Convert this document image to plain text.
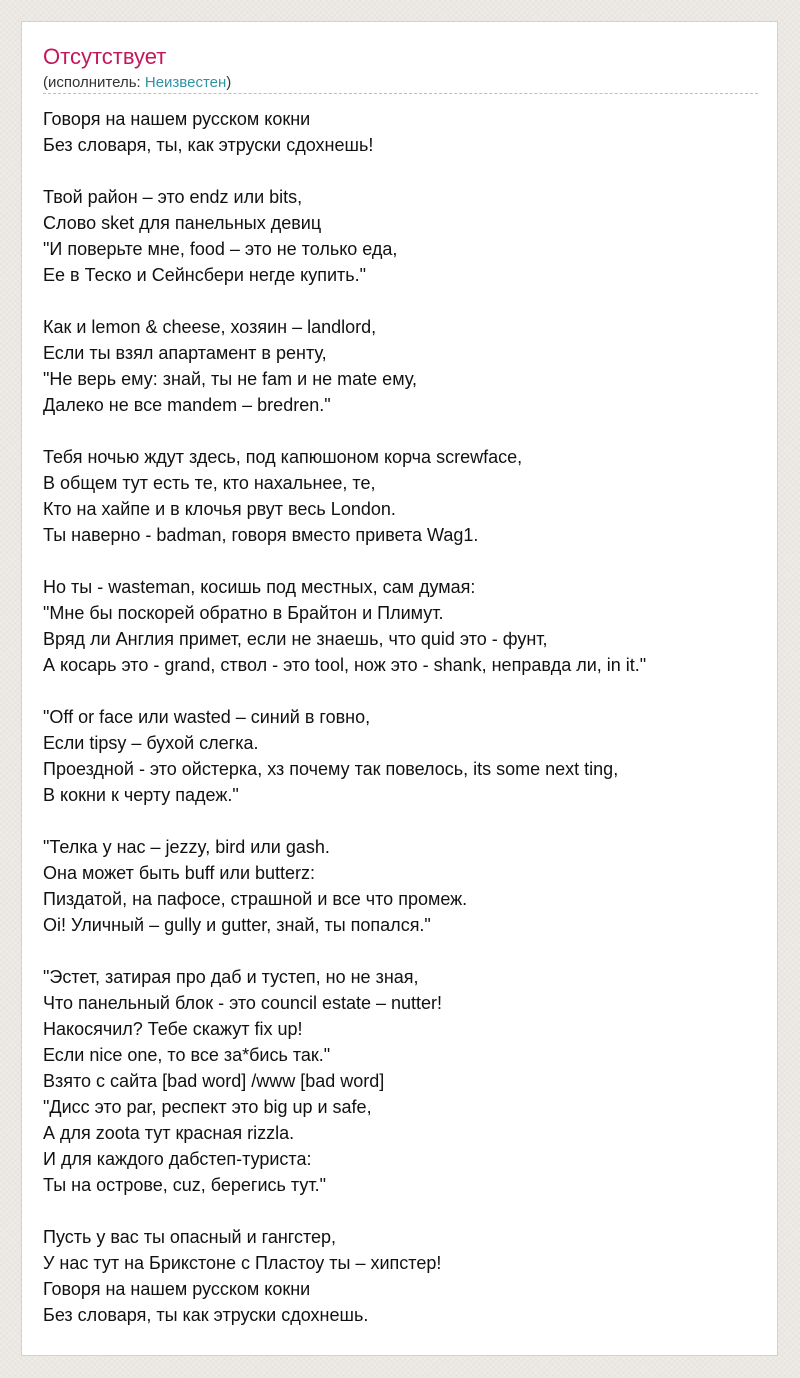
Отсутствует
(исполнитель: Неизвестен)
Говоря на нашем русском кокни
Без словаря, ты, как этруски сдохнешь!
Твой район – это endz или bits,
Слово sket для панельных девиц
"И поверьте мне, food – это не только еда,
Ее в Теско и Сейнсбери негде купить."
Как и lemon & cheese, хозяин – landlord,
Если ты взял апартамент в ренту,
"Не верь ему: знай, ты не fam и не mate ему,
Далеко не все mandem – bredren."
Тебя ночью ждут здесь, под капюшоном корча screwface,
В общем тут есть те, кто нахальнее, те,
Кто на хайпе и в клочья рвут весь London.
Ты наверно - badman, говоря вместо привета Wag1.
Но ты - wasteman, косишь под местных, сам думая:
"Мне бы поскорей обратно в Брайтон и Плимут.
Вряд ли Англия примет, если не знаешь, что quid это - фунт,
А косарь это - grand, ствол - это tool, нож это - shank, неправда ли, in it."
"Off or face или wasted – синий в говно,
Если tipsy – бухой слегка.
Проездной - это ойстерка, хз почему так повелось, its some next ting,
В кокни к черту падеж."
"Телка у нас – jezzy, bird или gash.
Она может быть buff или butterz:
Пиздатой, на пафосе, страшной и все что промеж.
Oi! Уличный – gully и gutter, знай, ты попался."
"Эстет, затирая про даб и тустеп, но не зная,
Что панельный блок - это council estate – nutter!
Накосячил? Тебе скажут fix up!
Если nice one, то все за*бись так."
Взято с сайта [bad word] /www [bad word]
"Дисс это par, респект это big up и safe,
А для zoota тут красная rizzla.
И для каждого дабстеп-туриста:
Ты на острове, cuz, берегись тут."
Пусть у вас ты опасный и гангстер,
У нас тут на Брикстоне с Пластоу ты – хипстер!
Говоря на нашем русском кокни
Без словаря, ты как этруски сдохнешь.
